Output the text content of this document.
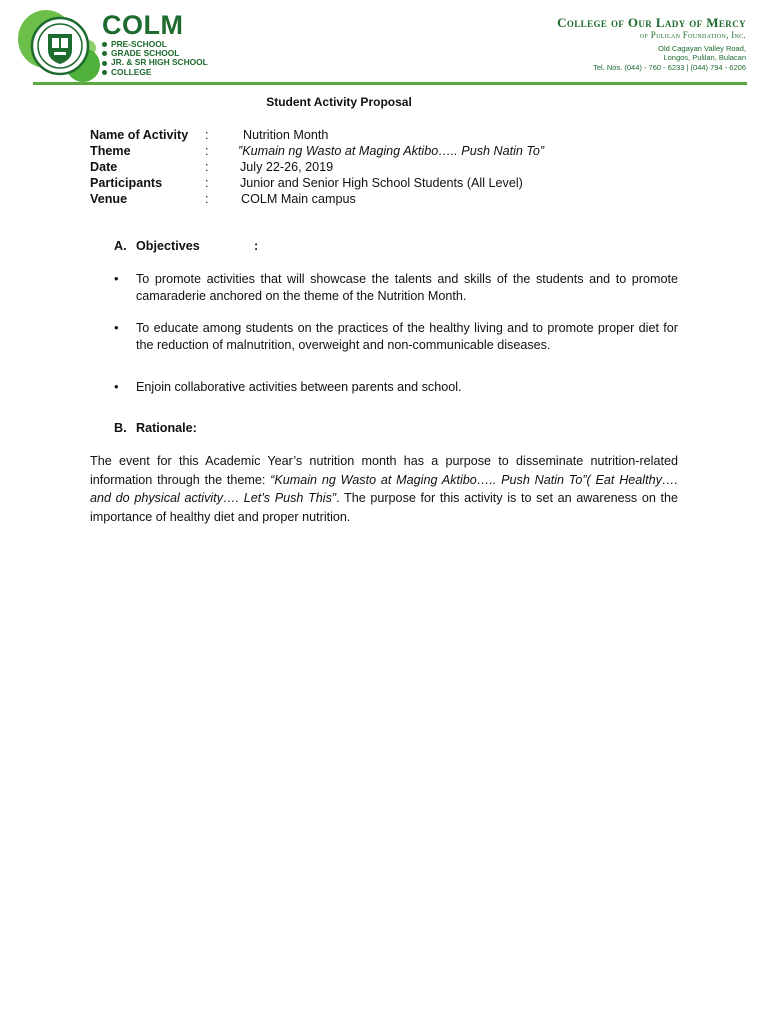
COLM
PRE-SCHOOL
GRADE SCHOOL
JR. & SR HIGH SCHOOL
COLLEGE
College of Our Lady of Mercy
of Pulilan Foundation, Inc.
Old Cagayan Valley Road,
Longos, Pulilan, Bulacan
Tel. Nos. (044) - 760 - 6233 | (044) 794 - 6206
Student Activity Proposal
Name of Activity	:	Nutrition Month
Theme	:	”Kumain ng Wasto at Maging Aktibo….. Push Natin To”
Date	:	July 22-26, 2019
Participants	:	Junior and Senior High School Students (All Level)
Venue	:	COLM Main campus
A. Objectives	:
•	To promote activities that will showcase the talents and skills of the students and to promote camaraderie anchored on the theme of the Nutrition Month.
•	To educate among students on the practices of the healthy living and to promote proper diet for the reduction of malnutrition, overweight and non-communicable diseases.
•	Enjoin collaborative activities between parents and school.
B. Rationale:

The event for this Academic Year’s nutrition month has a purpose to disseminate nutrition-related information through the theme: “Kumain ng Wasto at Maging Aktibo….. Push Natin To”( Eat Healthy…. and do physical activity…. Let’s Push This”. The purpose for this activity is to set an awareness on the importance of healthy diet and proper nutrition.
